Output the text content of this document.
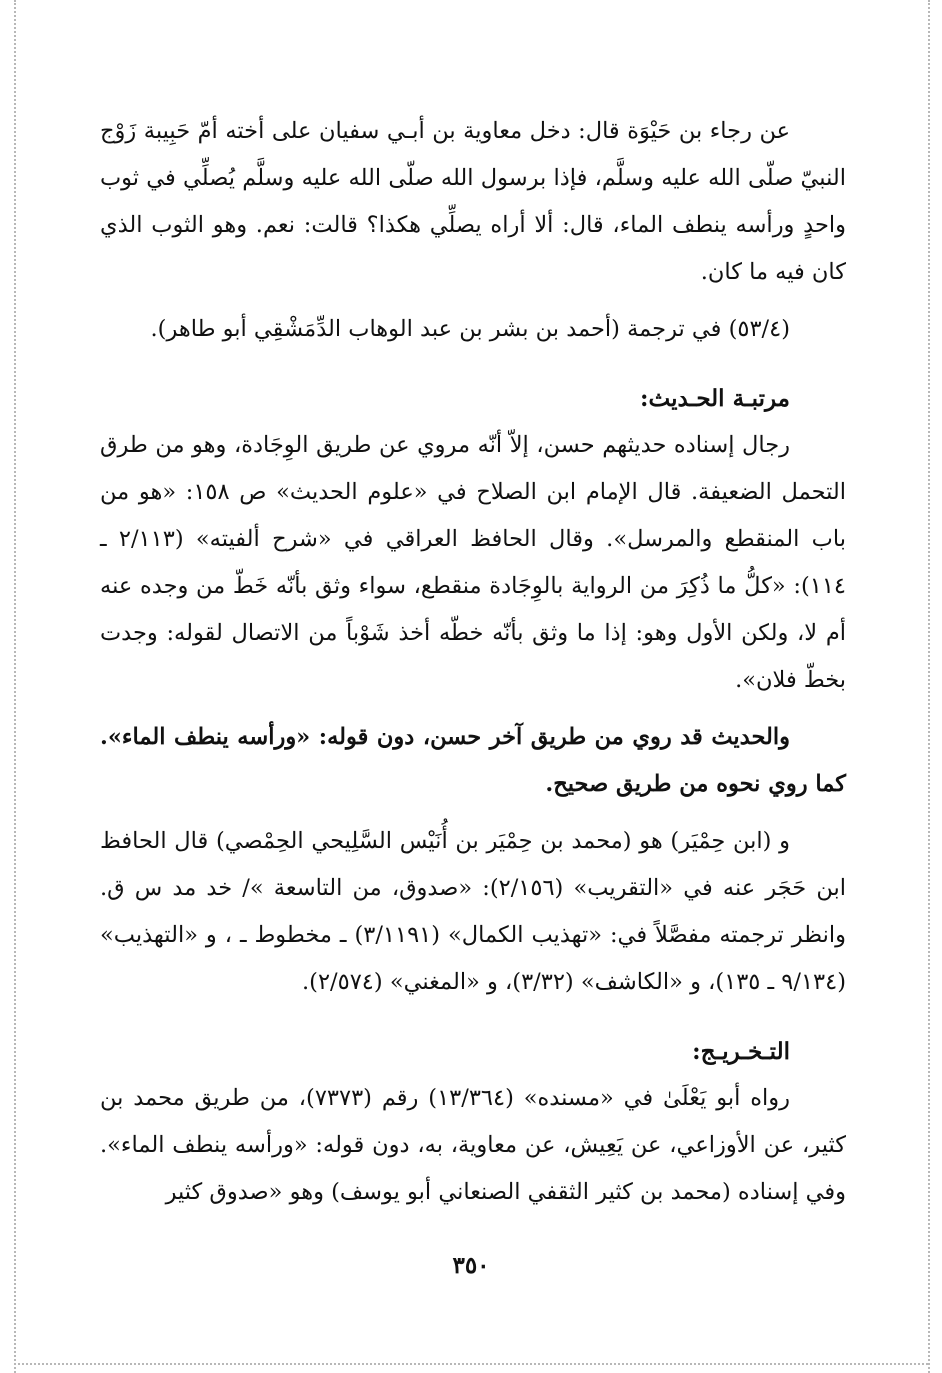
عن رجاء بن حَيْوَة قال: دخل معاوية بن أبـي سفيان على أخته أمّ حَبِيبة زَوْج النبيّ صلّى الله عليه وسلَّم، فإذا برسول الله صلّى الله عليه وسلَّم يُصلِّي في ثوب واحدٍ ورأسه ينطف الماء، قال: ألا أراه يصلِّي هكذا؟ قالت: نعم. وهو الثوب الذي كان فيه ما كان.

(٥٣/٤) في ترجمة (أحمد بن بشر بن عبد الوهاب الدِّمَشْقِي أبو طاهر).

مرتبـة الحـديث:

رجال إسناده حديثهم حسن، إلاّ أنّه مروي عن طريق الوِجَادة، وهو من طرق التحمل الضعيفة. قال الإمام ابن الصلاح في «علوم الحديث» ص ١٥٨: «هو من باب المنقطع والمرسل». وقال الحافظ العراقي في «شرح ألفيته» (٢/١١٣ ـ ١١٤): «كلُّ ما ذُكِرَ من الرواية بالوِجَادة منقطع، سواء وثق بأنّه خَطّ من وجده عنه أم لا، ولكن الأول وهو: إذا ما وثق بأنّه خطّه أخذ شَوْباً من الاتصال لقوله: وجدت بخطّ فلان».

والحديث قد روي من طريق آخر حسن، دون قوله: «ورأسه ينطف الماء». كما روي نحوه من طريق صحيح.

و (ابن حِمْيَر) هو (محمد بن حِمْيَر بن أُنَيْس السَّلِيحي الحِمْصي) قال الحافظ ابن حَجَر عنه في «التقريب» (٢/١٥٦): «صدوق، من التاسعة »/ خد مد س ق. وانظر ترجمته مفصَّلاً في: «تهذيب الكمال» (٣/١١٩١) ـ مخطوط ـ ، و «التهذيب» (٩/١٣٤ ـ ١٣٥)، و «الكاشف» (٣/٣٢)، و «المغني» (٢/٥٧٤).

التـخـريـج:

رواه أبو يَعْلَىٰ في «مسنده» (١٣/٣٦٤) رقم (٧٣٧٣)، من طريق محمد بن كثير، عن الأوزاعي، عن يَعِيش، عن معاوية، به، دون قوله: «ورأسه ينطف الماء». وفي إسناده (محمد بن كثير الثقفي الصنعاني أبو يوسف) وهو «صدوق كثير

٣٥٠
